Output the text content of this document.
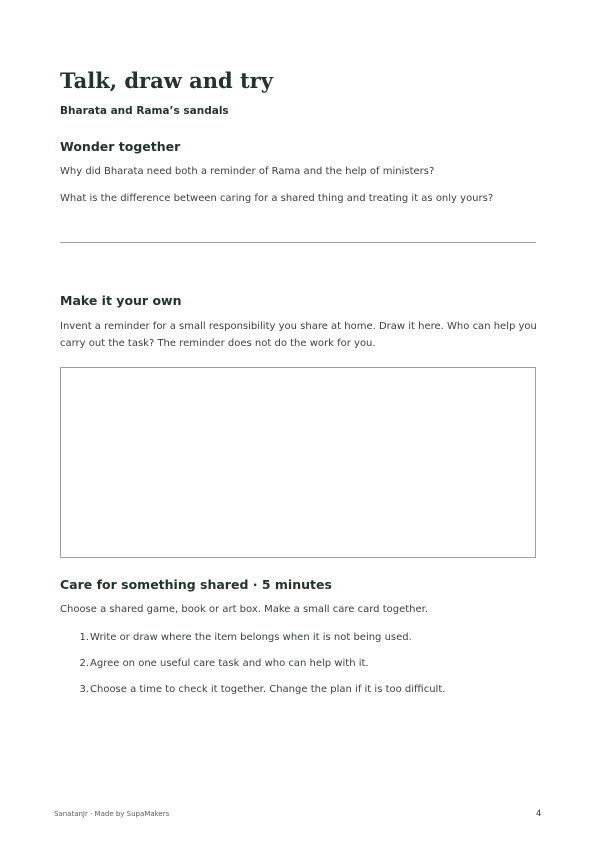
Talk, draw and try
Bharata and Rama’s sandals
Wonder together

Why did Bharata need both a reminder of Rama and the help of ministers?

What is the difference between caring for a shared thing and treating it as only yours?

Make it your own

Invent a reminder for a small responsibility you share at home. Draw it here. Who can help you carry out the task? The reminder does not do the work for you.

Care for something shared · 5 minutes

Choose a shared game, book or art box. Make a small care card together.

1. Write or draw where the item belongs when it is not being used.
2. Agree on one useful care task and who can help with it.
3. Choose a time to check it together. Change the plan if it is too difficult.
SanatanJr · Made by SupaMakers	4
